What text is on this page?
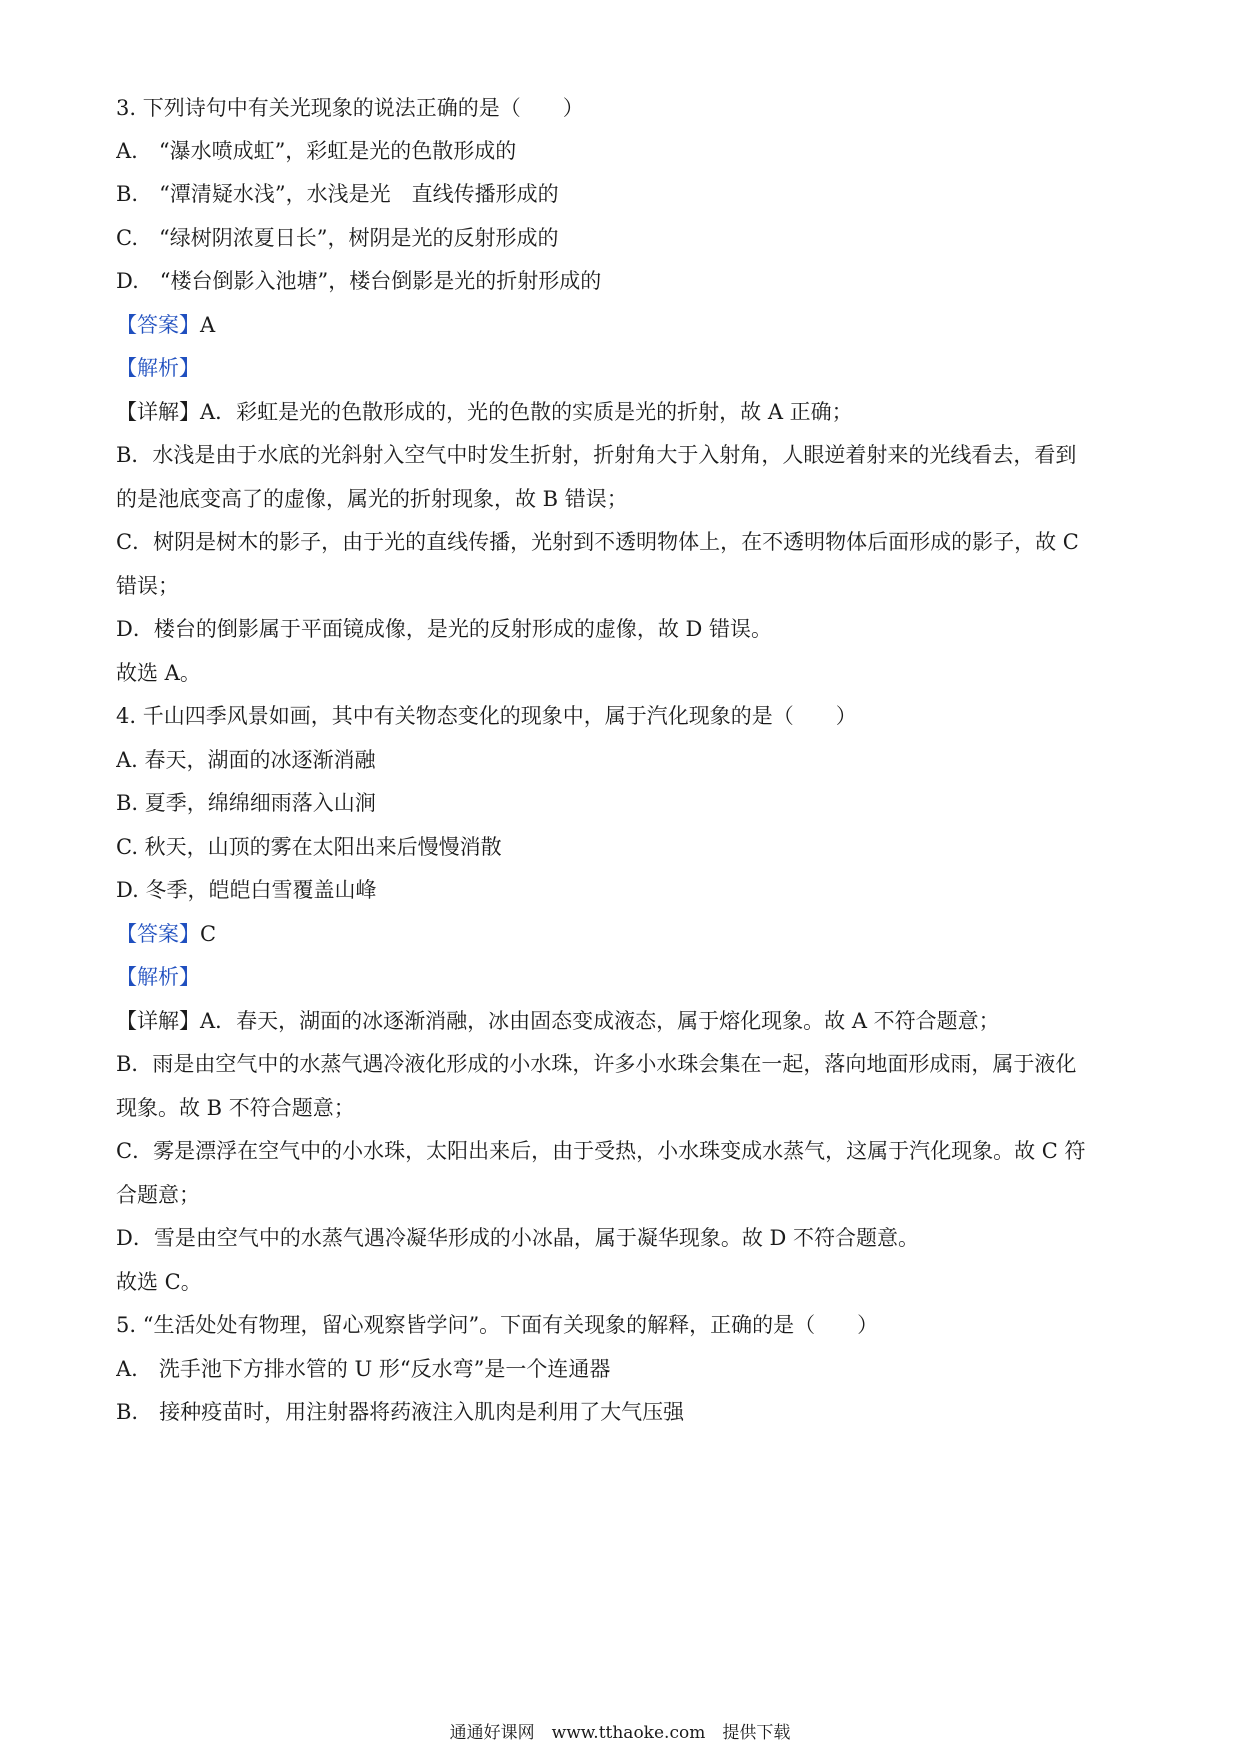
3. 下列诗句中有关光现象的说法正确的是（　　）
A.　“瀑水喷成虹”，彩虹是光的色散形成的
B.　“潭清疑水浅”，水浅是光　直线传播形成的
C.　“绿树阴浓夏日长”，树阴是光的反射形成的
D.　“楼台倒影入池塘”，楼台倒影是光的折射形成的
【答案】A
【解析】
【详解】A．彩虹是光的色散形成的，光的色散的实质是光的折射，故 A 正确；
B．水浅是由于水底的光斜射入空气中时发生折射，折射角大于入射角，人眼逆着射来的光线看去，看到
的是池底变高了的虚像，属光的折射现象，故 B 错误；
C．树阴是树木的影子，由于光的直线传播，光射到不透明物体上，在不透明物体后面形成的影子，故 C
错误；
D．楼台的倒影属于平面镜成像，是光的反射形成的虚像，故 D 错误。
故选 A。
4. 千山四季风景如画，其中有关物态变化的现象中，属于汽化现象的是（　　）
A. 春天，湖面的冰逐渐消融
B. 夏季，绵绵细雨落入山涧
C. 秋天，山顶的雾在太阳出来后慢慢消散
D. 冬季，皑皑白雪覆盖山峰
【答案】C
【解析】
【详解】A．春天，湖面的冰逐渐消融，冰由固态变成液态，属于熔化现象。故 A 不符合题意；
B．雨是由空气中的水蒸气遇冷液化形成的小水珠，许多小水珠会集在一起，落向地面形成雨，属于液化
现象。故 B 不符合题意；
C．雾是漂浮在空气中的小水珠，太阳出来后，由于受热，小水珠变成水蒸气，这属于汽化现象。故 C 符
合题意；
D．雪是由空气中的水蒸气遇冷凝华形成的小冰晶，属于凝华现象。故 D 不符合题意。
故选 C。
5. “生活处处有物理，留心观察皆学问”。下面有关现象的解释，正确的是（　　）
A.　洗手池下方排水管的 U 形“反水弯”是一个连通器
B.　接种疫苗时，用注射器将药液注入肌肉是利用了大气压强
通通好课网　www.tthaoke.com　提供下载
